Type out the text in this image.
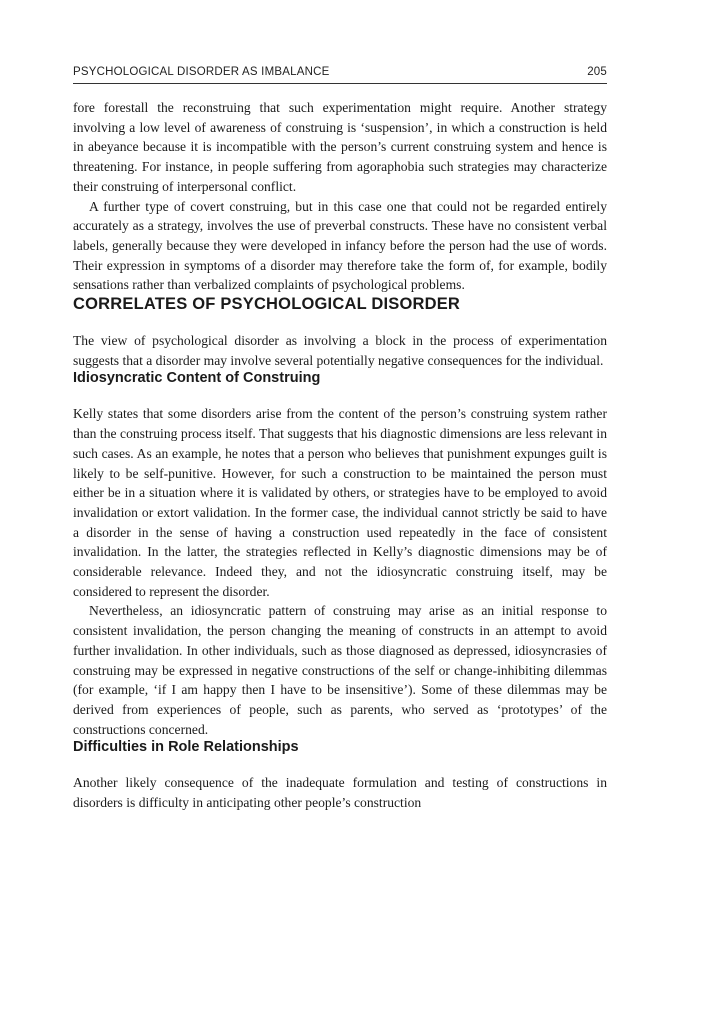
PSYCHOLOGICAL DISORDER AS IMBALANCE	205

fore forestall the reconstruing that such experimentation might require. Another strategy involving a low level of awareness of construing is ‘suspension’, in which a construction is held in abeyance because it is incompatible with the person’s current construing system and hence is threatening. For instance, in people suffering from agoraphobia such strategies may characterize their construing of interpersonal conflict.

A further type of covert construing, but in this case one that could not be regarded entirely accurately as a strategy, involves the use of preverbal constructs. These have no consistent verbal labels, generally because they were developed in infancy before the person had the use of words. Their expression in symptoms of a disorder may therefore take the form of, for example, bodily sensations rather than verbalized complaints of psychological problems.

CORRELATES OF PSYCHOLOGICAL DISORDER

The view of psychological disorder as involving a block in the process of experimentation suggests that a disorder may involve several potentially negative consequences for the individual.

Idiosyncratic Content of Construing

Kelly states that some disorders arise from the content of the person’s construing system rather than the construing process itself. That suggests that his diagnostic dimensions are less relevant in such cases. As an example, he notes that a person who believes that punishment expunges guilt is likely to be self-punitive. However, for such a construction to be maintained the person must either be in a situation where it is validated by others, or strategies have to be employed to avoid invalidation or extort validation. In the former case, the individual cannot strictly be said to have a disorder in the sense of having a construction used repeatedly in the face of consistent invalidation. In the latter, the strategies reflected in Kelly’s diagnostic dimensions may be of considerable relevance. Indeed they, and not the idiosyncratic construing itself, may be considered to represent the disorder.

Nevertheless, an idiosyncratic pattern of construing may arise as an initial response to consistent invalidation, the person changing the meaning of constructs in an attempt to avoid further invalidation. In other individuals, such as those diagnosed as depressed, idiosyncrasies of construing may be expressed in negative constructions of the self or change-inhibiting dilemmas (for example, ‘if I am happy then I have to be insensitive’). Some of these dilemmas may be derived from experiences of people, such as parents, who served as ‘prototypes’ of the constructions concerned.

Difficulties in Role Relationships

Another likely consequence of the inadequate formulation and testing of constructions in disorders is difficulty in anticipating other people’s construction
